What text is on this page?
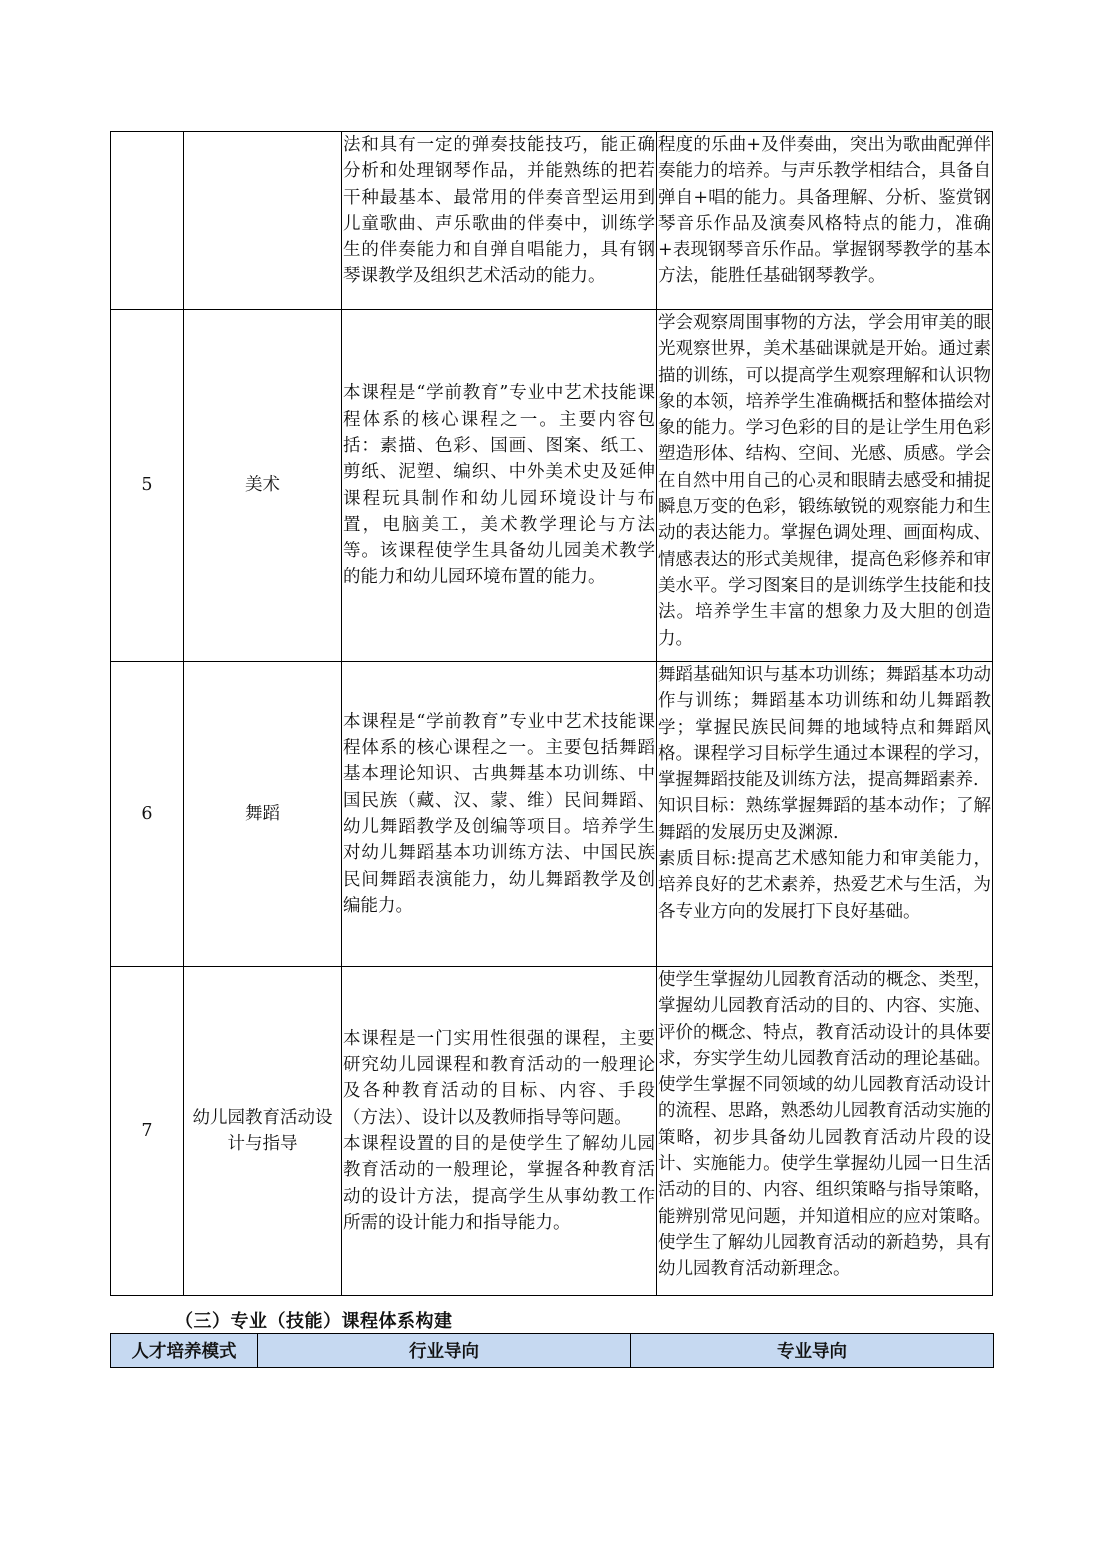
		法和具有一定的弹奏技能技巧，能正确分析和处理钢琴作品，并能熟练的把若干种最基本、最常用的伴奏音型运用到儿童歌曲、声乐歌曲的伴奏中，训练学生的伴奏能力和自弹自唱能力，具有钢琴课教学及组织艺术活动的能力。	程度的乐曲+及伴奏曲，突出为歌曲配弹伴奏能力的培养。与声乐教学相结合，具备自弹自+唱的能力。具备理解、分析、鉴赏钢琴音乐作品及演奏风格特点的能力，准确+表现钢琴音乐作品。掌握钢琴教学的基本方法，能胜任基础钢琴教学。

5	美术	本课程是“学前教育”专业中艺术技能课程体系的核心课程之一。主要内容包括：素描、色彩、国画、图案、纸工、剪纸、泥塑、编织、中外美术史及延伸课程玩具制作和幼儿园环境设计与布置，电脑美工，美术教学理论与方法等。该课程使学生具备幼儿园美术教学的能力和幼儿园环境布置的能力。	学会观察周围事物的方法，学会用审美的眼光观察世界，美术基础课就是开始。通过素描的训练，可以提高学生观察理解和认识物象的本领，培养学生准确概括和整体描绘对象的能力。学习色彩的目的是让学生用色彩塑造形体、结构、空间、光感、质感。学会在自然中用自己的心灵和眼睛去感受和捕捉瞬息万变的色彩，锻练敏锐的观察能力和生动的表达能力。掌握色调处理、画面构成、情感表达的形式美规律，提高色彩修养和审美水平。学习图案目的是训练学生技能和技法。培养学生丰富的想象力及大胆的创造力。

6	舞蹈	本课程是“学前教育”专业中艺术技能课程体系的核心课程之一。主要包括舞蹈基本理论知识、古典舞基本功训练、中国民族（藏、汉、蒙、维）民间舞蹈、幼儿舞蹈教学及创编等项目。培养学生对幼儿舞蹈基本功训练方法、中国民族民间舞蹈表演能力，幼儿舞蹈教学及创编能力。	舞蹈基础知识与基本功训练；舞蹈基本功动作与训练；舞蹈基本功训练和幼儿舞蹈教学；掌握民族民间舞的地域特点和舞蹈风格。课程学习目标学生通过本课程的学习，掌握舞蹈技能及训练方法，提高舞蹈素养.
知识目标：熟练掌握舞蹈的基本动作；了解舞蹈的发展历史及渊源.
素质目标:提高艺术感知能力和审美能力，培养良好的艺术素养，热爱艺术与生活，为各专业方向的发展打下良好基础。

7	幼儿园教育活动设计与指导	本课程是一门实用性很强的课程，主要研究幼儿园课程和教育活动的一般理论及各种教育活动的目标、内容、手段（方法）、设计以及教师指导等问题。
本课程设置的目的是使学生了解幼儿园教育活动的一般理论，掌握各种教育活动的设计方法，提高学生从事幼教工作所需的设计能力和指导能力。	使学生掌握幼儿园教育活动的概念、类型，掌握幼儿园教育活动的目的、内容、实施、评价的概念、特点，教育活动设计的具体要求，夯实学生幼儿园教育活动的理论基础。使学生掌握不同领域的幼儿园教育活动设计的流程、思路，熟悉幼儿园教育活动实施的策略，初步具备幼儿园教育活动片段的设计、实施能力。使学生掌握幼儿园一日生活活动的目的、内容、组织策略与指导策略，能辨别常见问题，并知道相应的应对策略。使学生了解幼儿园教育活动的新趋势，具有幼儿园教育活动新理念。
（三）专业（技能）课程体系构建
人才培养模式	行业导向	专业导向
